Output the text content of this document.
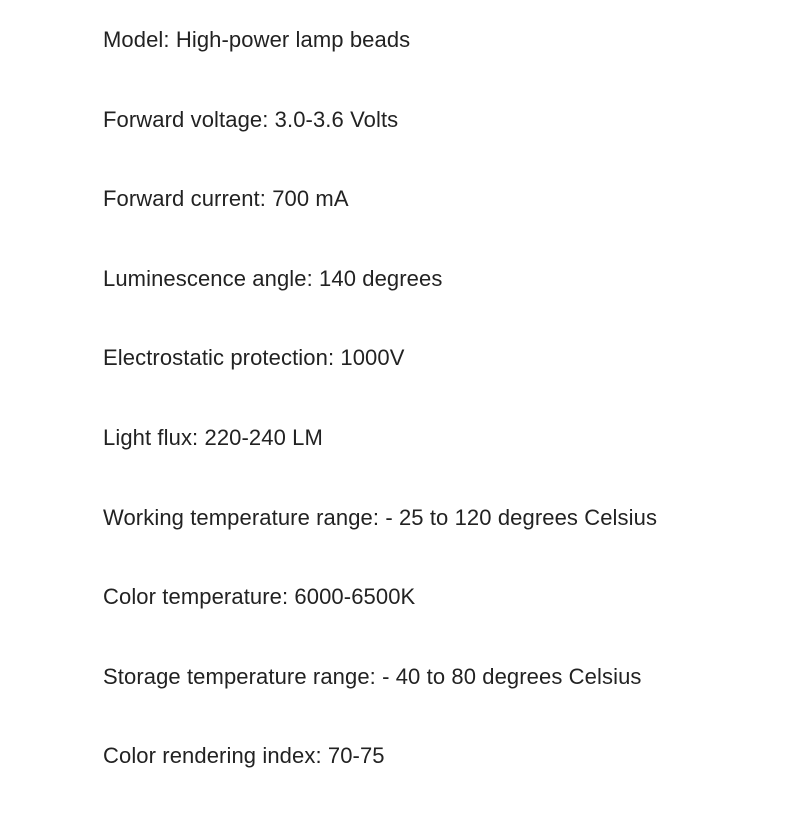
Model: High-power lamp beads
Forward voltage: 3.0-3.6 Volts
Forward current: 700 mA
Luminescence angle: 140 degrees
Electrostatic protection: 1000V
Light flux: 220-240 LM
Working temperature range: - 25 to 120 degrees Celsius
Color temperature: 6000-6500K
Storage temperature range: - 40 to 80 degrees Celsius
Color rendering index: 70-75
